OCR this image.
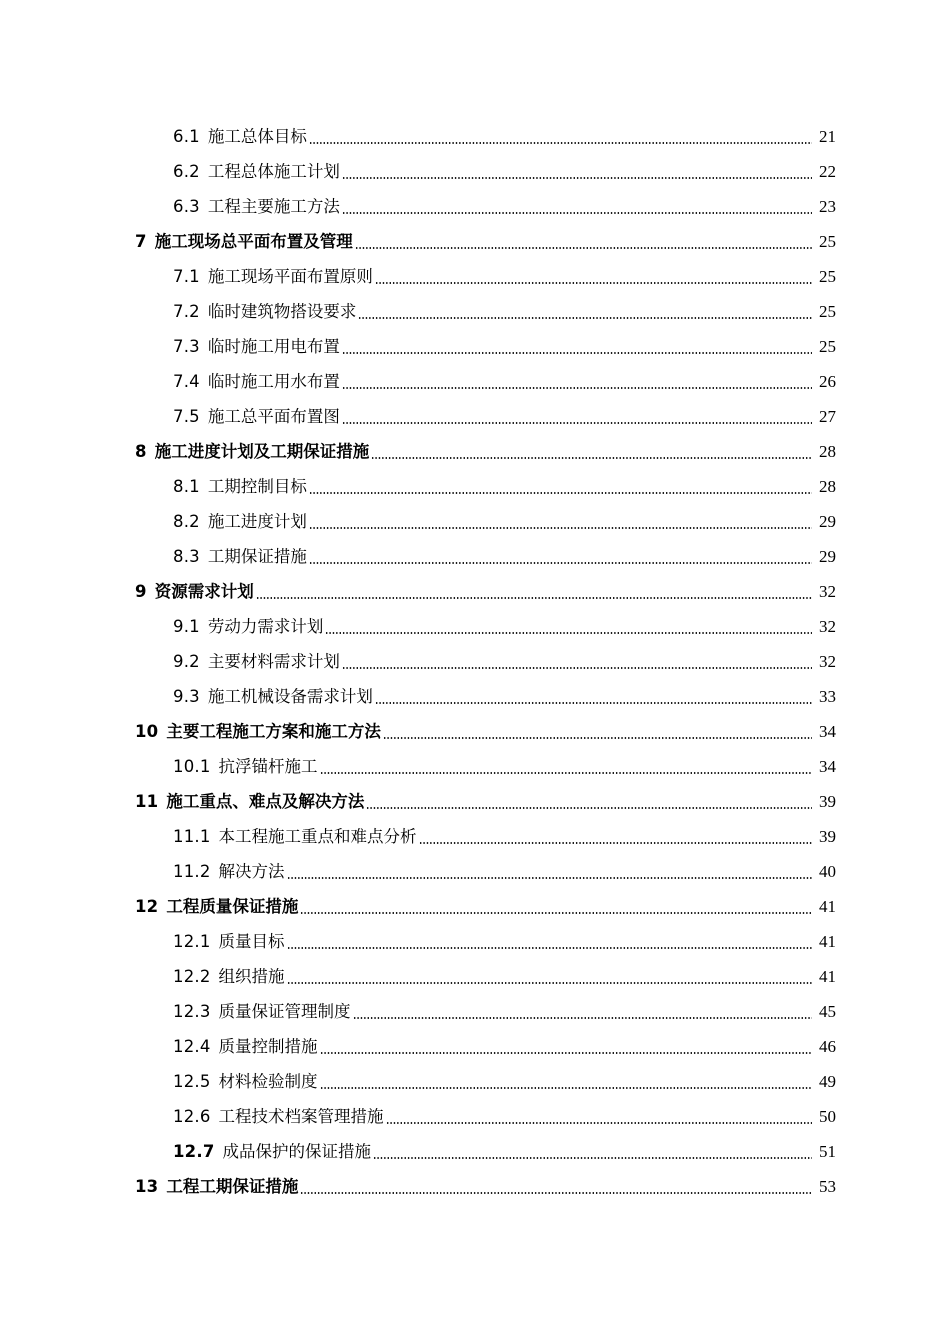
6.1 施工总体目标	21
6.2 工程总体施工计划	22
6.3 工程主要施工方法	23
7 施工现场总平面布置及管理	25
7.1 施工现场平面布置原则	25
7.2 临时建筑物搭设要求	25
7.3 临时施工用电布置	25
7.4 临时施工用水布置	26
7.5 施工总平面布置图	27
8 施工进度计划及工期保证措施	28
8.1 工期控制目标	28
8.2 施工进度计划	29
8.3 工期保证措施	29
9 资源需求计划	32
9.1 劳动力需求计划	32
9.2 主要材料需求计划	32
9.3 施工机械设备需求计划	33
10 主要工程施工方案和施工方法	34
10.1 抗浮锚杆施工	34
11 施工重点、难点及解决方法	39
11.1 本工程施工重点和难点分析	39
11.2 解决方法	40
12 工程质量保证措施	41
12.1 质量目标	41
12.2 组织措施	41
12.3 质量保证管理制度	45
12.4 质量控制措施	46
12.5 材料检验制度	49
12.6 工程技术档案管理措施	50
12.7 成品保护的保证措施	51
13 工程工期保证措施	53
